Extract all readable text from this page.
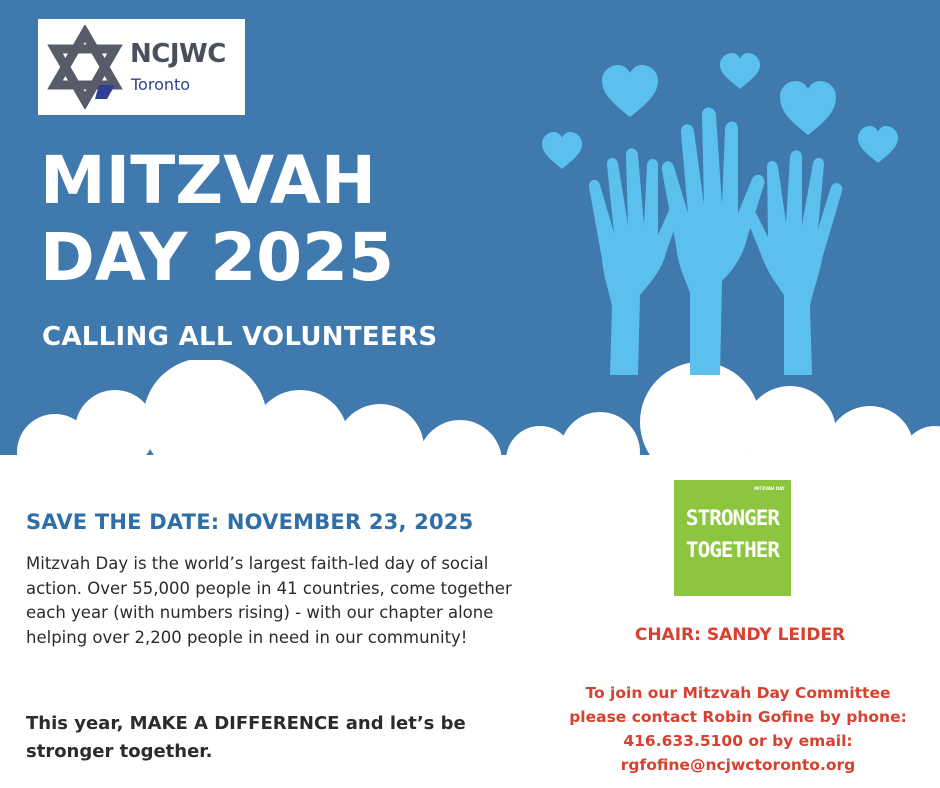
NCJWC
Toronto
MITZVAH
DAY 2025
CALLING ALL VOLUNTEERS
SAVE THE DATE: NOVEMBER 23, 2025

Mitzvah Day is the world’s largest faith-led day of social action. Over 55,000 people in 41 countries, come together each year (with numbers rising) - with our chapter alone helping over 2,200 people in need in our community!

This year, MAKE A DIFFERENCE and let’s be stronger together.

MITZVAH DAY
STRONGER
TOGETHER
CHAIR: SANDY LEIDER
To join our Mitzvah Day Committee
please contact Robin Gofine by phone:
416.633.5100 or by email:
rgfofine@ncjwctoronto.org
